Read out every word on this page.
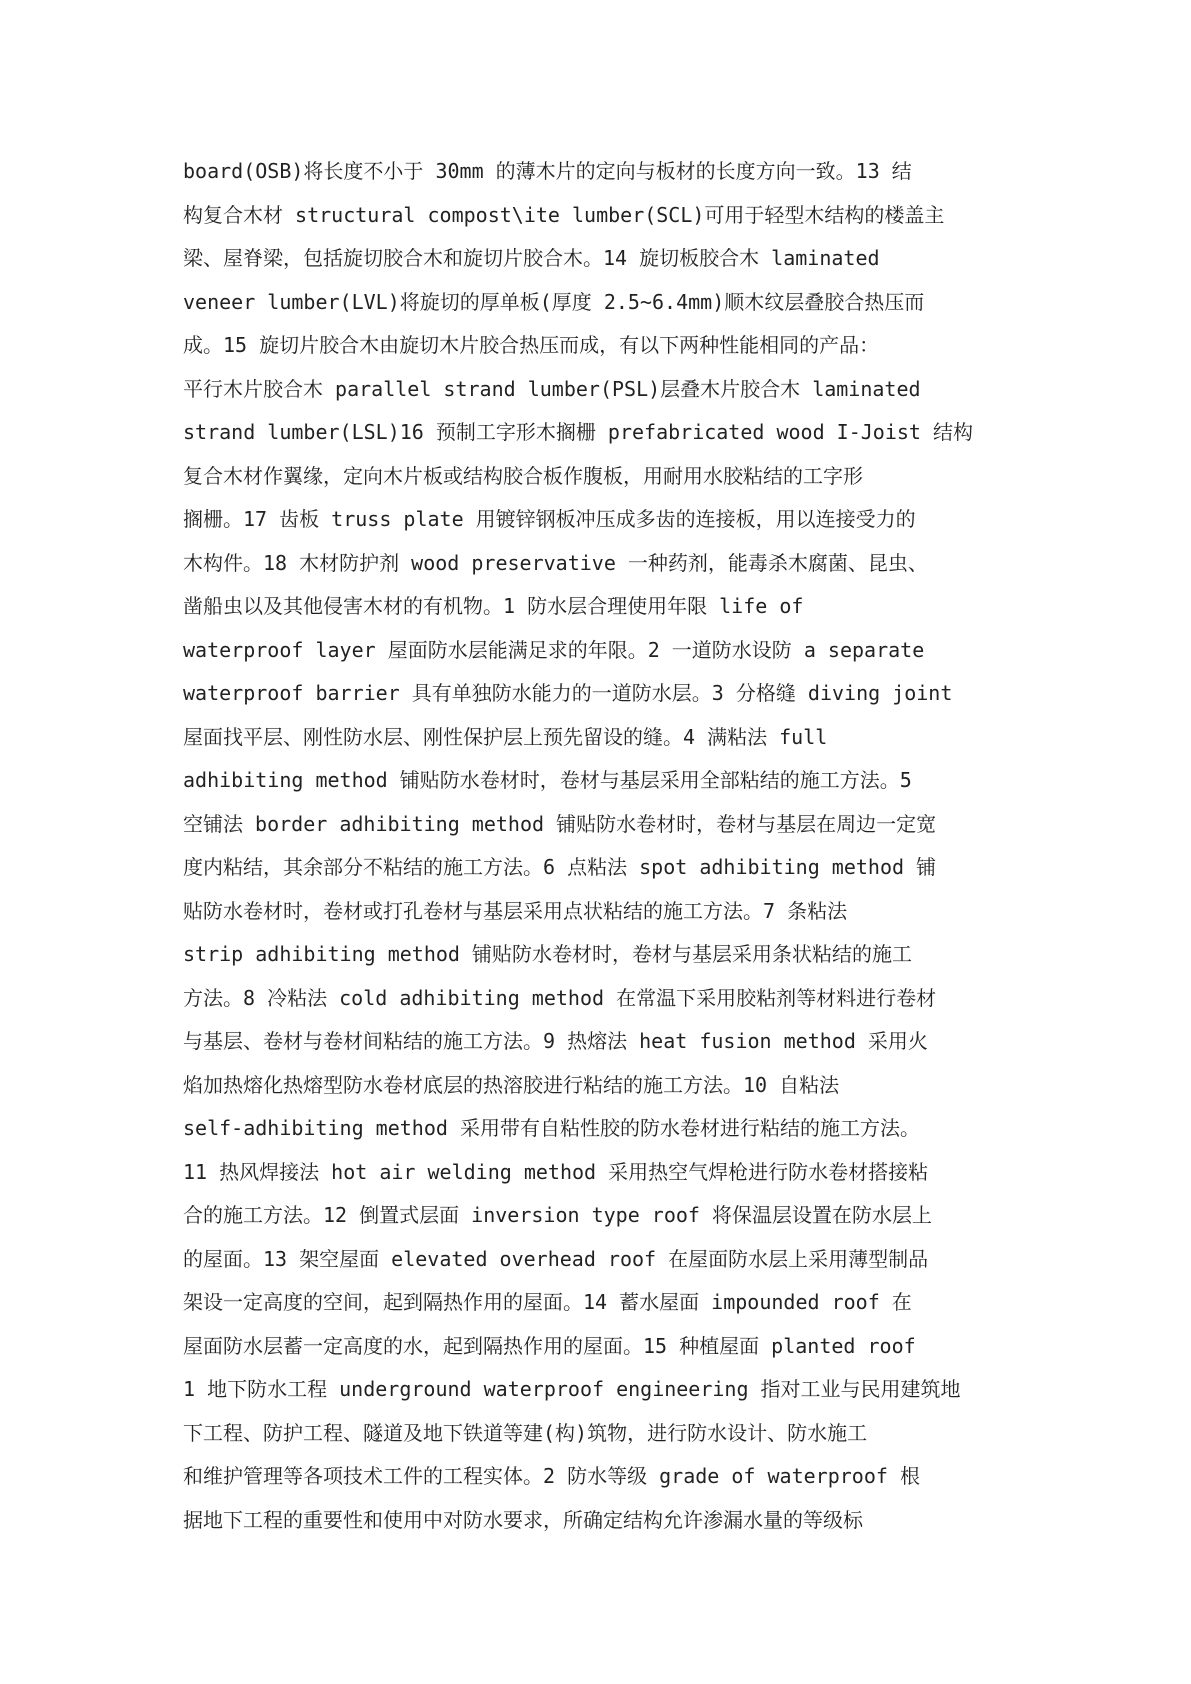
board(OSB)将长度不小于 30mm 的薄木片的定向与板材的长度方向一致。13 结
构复合木材 structural compost\ite lumber(SCL)可用于轻型木结构的楼盖主
梁、屋脊梁，包括旋切胶合木和旋切片胶合木。14 旋切板胶合木 laminated
veneer lumber(LVL)将旋切的厚单板(厚度 2.5~6.4mm)顺木纹层叠胶合热压而
成。15 旋切片胶合木由旋切木片胶合热压而成，有以下两种性能相同的产品：
平行木片胶合木 parallel strand lumber(PSL)层叠木片胶合木 laminated
strand lumber(LSL)16 预制工字形木搁栅 prefabricated wood I-Joist 结构
复合木材作翼缘，定向木片板或结构胶合板作腹板，用耐用水胶粘结的工字形
搁栅。17 齿板 truss plate 用镀锌钢板冲压成多齿的连接板，用以连接受力的
木构件。18 木材防护剂 wood preservative 一种药剂，能毒杀木腐菌、昆虫、
凿船虫以及其他侵害木材的有机物。1 防水层合理使用年限 life of
waterproof layer 屋面防水层能满足求的年限。2 一道防水设防 a separate
waterproof barrier 具有单独防水能力的一道防水层。3 分格缝 diving joint
屋面找平层、刚性防水层、刚性保护层上预先留设的缝。4 满粘法 full
adhibiting method 铺贴防水卷材时，卷材与基层采用全部粘结的施工方法。5
空铺法 border adhibiting method 铺贴防水卷材时，卷材与基层在周边一定宽
度内粘结，其余部分不粘结的施工方法。6 点粘法 spot adhibiting method 铺
贴防水卷材时，卷材或打孔卷材与基层采用点状粘结的施工方法。7 条粘法
strip adhibiting method 铺贴防水卷材时，卷材与基层采用条状粘结的施工
方法。8 冷粘法 cold adhibiting method 在常温下采用胶粘剂等材料进行卷材
与基层、卷材与卷材间粘结的施工方法。9 热熔法 heat fusion method 采用火
焰加热熔化热熔型防水卷材底层的热溶胶进行粘结的施工方法。10 自粘法
self-adhibiting method 采用带有自粘性胶的防水卷材进行粘结的施工方法。
11 热风焊接法 hot air welding method 采用热空气焊枪进行防水卷材搭接粘
合的施工方法。12 倒置式层面 inversion type roof 将保温层设置在防水层上
的屋面。13 架空屋面 elevated overhead roof 在屋面防水层上采用薄型制品
架设一定高度的空间，起到隔热作用的屋面。14 蓄水屋面 impounded roof 在
屋面防水层蓄一定高度的水，起到隔热作用的屋面。15 种植屋面 planted roof
1 地下防水工程 underground waterproof engineering 指对工业与民用建筑地
下工程、防护工程、隧道及地下铁道等建(构)筑物，进行防水设计、防水施工
和维护管理等各项技术工件的工程实体。2 防水等级 grade of waterproof 根
据地下工程的重要性和使用中对防水要求，所确定结构允许渗漏水量的等级标
